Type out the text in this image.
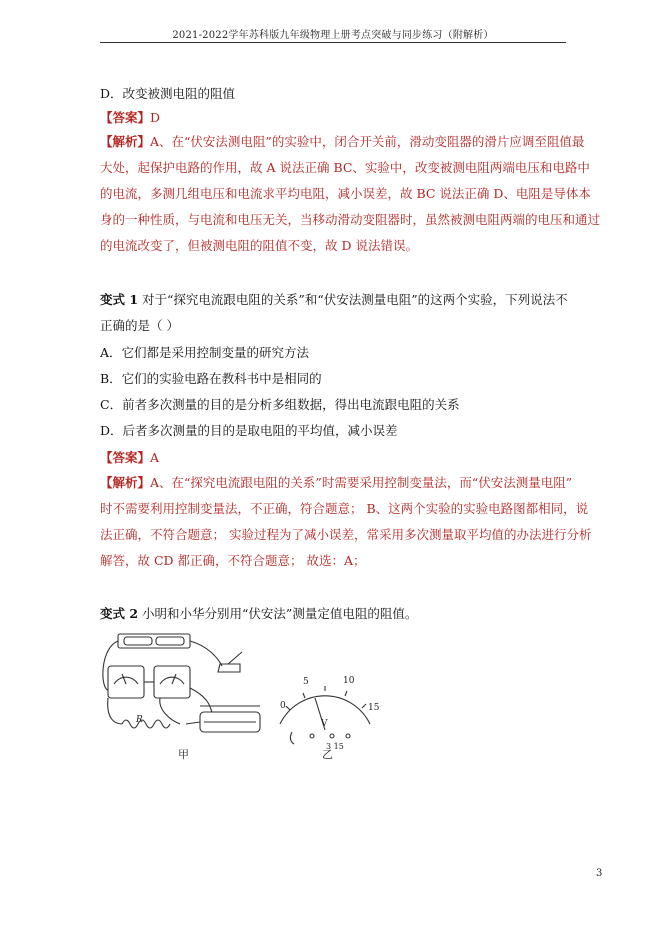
2021-2022学年苏科版九年级物理上册考点突破与同步练习（附解析）
D．改变被测电阻的阻值
【答案】D
【解析】A、在“伏安法测电阻”的实验中，闭合开关前，滑动变阻器的滑片应调至阻值最
大处，起保护电路的作用，故 A 说法正确 BC、实验中，改变被测电阻两端电压和电路中
的电流，多测几组电压和电流求平均电阻，减小误差，故 BC 说法正确 D、电阻是导体本
身的一种性质，与电流和电压无关，当移动滑动变阻器时，虽然被测电阻两端的电压和通过
的电流改变了，但被测电阻的阻值不变，故 D 说法错误。
变式 1 对于“探究电流跟电阻的关系”和“伏安法测量电阻”的这两个实验，下列说法不
正确的是（ ）
A．它们都是采用控制变量的研究方法
B．它们的实验电路在教科书中是相同的
C．前者多次测量的目的是分析多组数据，得出电流跟电阻的关系
D．后者多次测量的目的是取电阻的平均值，减小误差
【答案】A
【解析】A、在“探究电流跟电阻的关系”时需要采用控制变量法，而“伏安法测量电阻”
时不需要利用控制变量法，不正确，符合题意； B、这两个实验的实验电路图都相同，说
法正确，不符合题意； 实验过程为了减小误差，常采用多次测量取平均值的办法进行分析
解答，故 CD 都正确，不符合题意； 故选：A；
变式 2 小明和小华分别用“伏安法”测量定值电阻的阻值。
R
0
5	10
15
V
3 15
甲	乙
3
